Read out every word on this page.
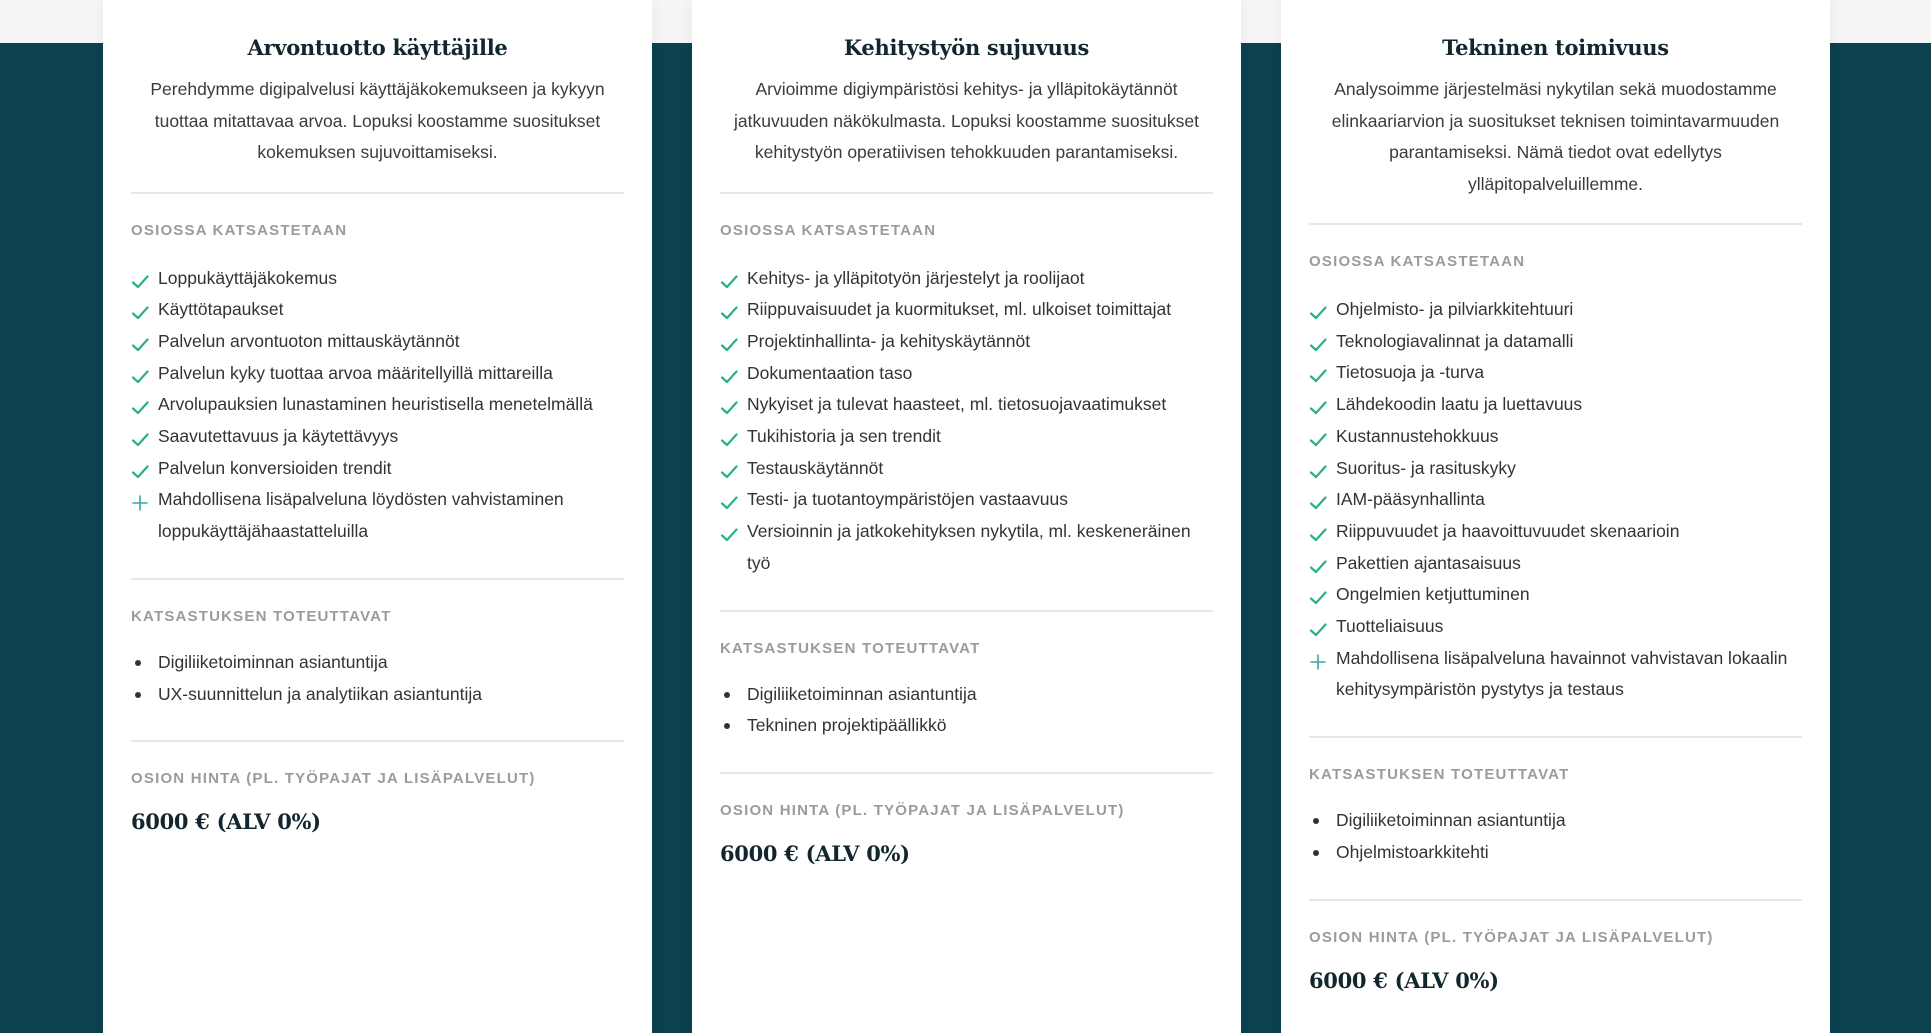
Arvontuotto käyttäjille

Perehdymme digipalvelusi käyttäjäkokemukseen ja kykyyn tuottaa mitattavaa arvoa. Lopuksi koostamme suositukset kokemuksen sujuvoittamiseksi.

OSIOSSA KATSASTETAAN
Loppukäyttäjäkokemus
Käyttötapaukset
Palvelun arvontuoton mittauskäytännöt
Palvelun kyky tuottaa arvoa määritellyillä mittareilla
Arvolupauksien lunastaminen heuristisella menetelmällä
Saavutettavuus ja käytettävyys
Palvelun konversioiden trendit
Mahdollisena lisäpalveluna löydösten vahvistaminen loppukäyttäjähaastatteluilla
KATSASTUKSEN TOTEUTTAVAT
Digiliiketoiminnan asiantuntija
UX-suunnittelun ja analytiikan asiantuntija
OSION HINTA (PL. TYÖPAJAT JA LISÄPALVELUT)
6000 € (ALV 0%)
Kehitystyön sujuvuus

Arvioimme digiympäristösi kehitys- ja ylläpitokäytännöt jatkuvuuden näkökulmasta. Lopuksi koostamme suositukset kehitystyön operatiivisen tehokkuuden parantamiseksi.

OSIOSSA KATSASTETAAN
Kehitys- ja ylläpitotyön järjestelyt ja roolijaot
Riippuvaisuudet ja kuormitukset, ml. ulkoiset toimittajat
Projektinhallinta- ja kehityskäytännöt
Dokumentaation taso
Nykyiset ja tulevat haasteet, ml. tietosuojavaatimukset
Tukihistoria ja sen trendit
Testauskäytännöt
Testi- ja tuotantoympäristöjen vastaavuus
Versioinnin ja jatkokehityksen nykytila, ml. keskeneräinen työ
KATSASTUKSEN TOTEUTTAVAT
Digiliiketoiminnan asiantuntija
Tekninen projektipäällikkö
OSION HINTA (PL. TYÖPAJAT JA LISÄPALVELUT)
6000 € (ALV 0%)
Tekninen toimivuus

Analysoimme järjestelmäsi nykytilan sekä muodostamme elinkaariarvion ja suositukset teknisen toimintavarmuuden parantamiseksi. Nämä tiedot ovat edellytys ylläpitopalveluillemme.

OSIOSSA KATSASTETAAN
Ohjelmisto- ja pilviarkkitehtuuri
Teknologiavalinnat ja datamalli
Tietosuoja ja -turva
Lähdekoodin laatu ja luettavuus
Kustannustehokkuus
Suoritus- ja rasituskyky
IAM-pääsynhallinta
Riippuvuudet ja haavoittuvuudet skenaarioin
Pakettien ajantasaisuus
Ongelmien ketjuttuminen
Tuotteliaisuus
Mahdollisena lisäpalveluna havainnot vahvistavan lokaalin kehitysympäristön pystytys ja testaus
KATSASTUKSEN TOTEUTTAVAT
Digiliiketoiminnan asiantuntija
Ohjelmistoarkkitehti
OSION HINTA (PL. TYÖPAJAT JA LISÄPALVELUT)
6000 € (ALV 0%)
